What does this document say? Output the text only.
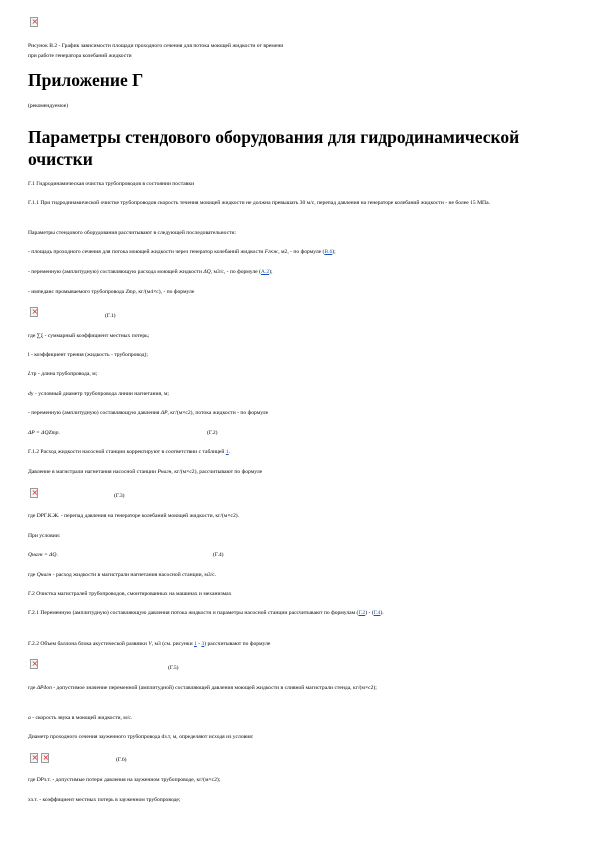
×

Рисунок В.2 - График зависимости площади проходного сечения для потока моющей жидкости от времени

при работе генератора колебаний жидкости

Приложение Г

(рекомендуемое)

Параметры стендового оборудования для гидродинамической очистки

Г.1 Гидродинамическая очистка трубопроводов в состоянии поставки

Г.1.1 При гидродинамической очистке трубопроводов скорость течения моющей жидкости не должна превышать 30 м/с, перепад давления на генераторе колебаний жидкости - не более 15 МПа.

Параметры стендового оборудования рассчитывают в следующей последовательности:

- площадь проходного сечения для потока моющей жидкости через генератор колебаний жидкости Fгкж, м2, - по формуле (В.6);

- переменную (амплитудную) составляющую расхода моющей жидкости ΔQ, м3/с, - по формуле (А.2);

- импеданс промываемого трубопровода Zтр, кг/(м4×с), - по формуле

×
(Г.1)

где ∑ξ - суммарный коэффициент местных потерь;

l - коэффициент трения (жидкость - трубопровод);

Lтр - длина трубопровода, м;

dу - условный диаметр трубопровода линии нагнетания, м;

- переменную (амплитудную) составляющую давления ΔP, кг/(м×с2), потока жидкости - по формуле

ΔP = ΔQZтр.	(Г.2)

Г.1.2 Расход жидкости насосной станции корректируют в соответствии с таблицей 1.

Давление в магистрали нагнетания насосной станции Pнагн, кг/(м×с2), рассчитывают по формуле

×
(Г.3)

где DРГ.К.Ж. - перепад давления на генераторе колебаний моющей жидкости, кг/(м×с2).

При условии:

Qнагн = ΔQ.	(Г.4)

где Qнагн - расход жидкости в магистрали нагнетания насосной станции, м3/с.

Г.2 Очистка магистралей трубопроводов, смонтированных на машинах и механизмах

Г.2.1 Переменную (амплитудную) составляющую давления потока жидкости и параметры насосной станции рассчитывают по формулам (Г.2) - (Г.4).

Г.2.2 Объем баллона блока акустической развязки V, м3 (см. рисунки 1 - 3) рассчитывают по формуле

×
(Г.5)

где ΔPдоп - допустимое значение переменной (амплитудной) составляющей давления моющей жидкости в сливной магистрали стенда, кг/(м×с2);

a - скорость звука в моющей жидкости, м/с.

Диаметр проходного сечения зауженного трубопровода dз.т, м, определяют исходя из условия:

×
×
(Г.6)

где DPз.т. - допустимые потери давления на зауженном трубопроводе, кг/(м×с2);

xз.т. - коэффициент местных потерь в зауженном трубопроводе;
